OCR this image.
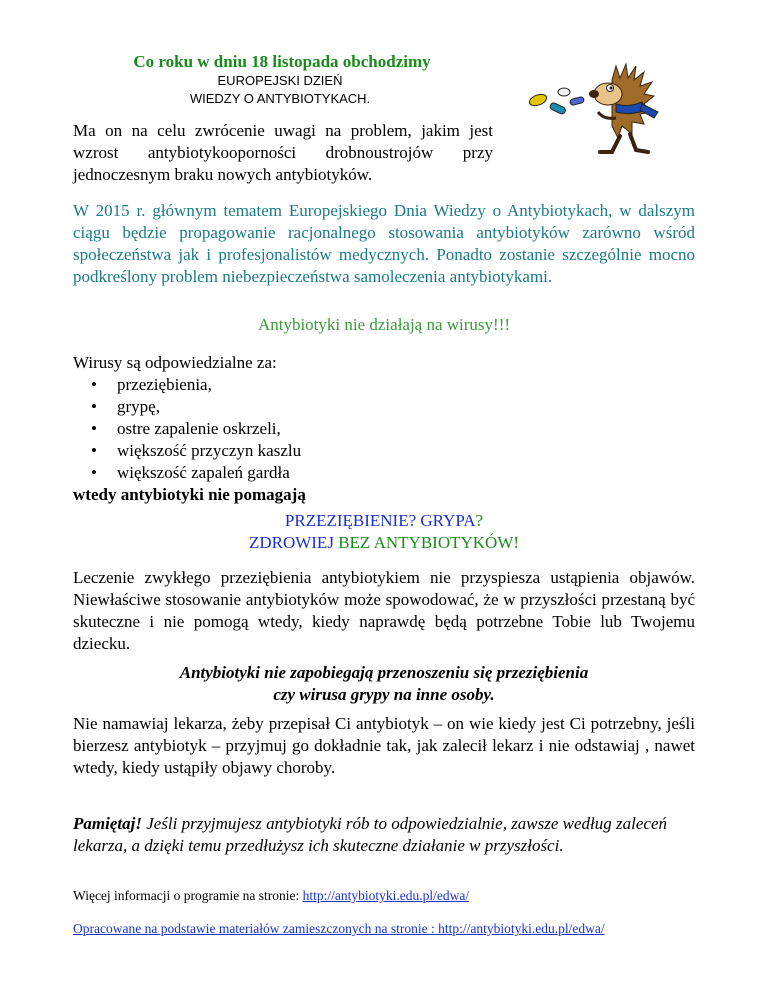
Co roku w dniu 18 listopada obchodzimy
EUROPEJSKI DZIEŃ
WIEDZY O ANTYBIOTYKACH.
Ma on na celu zwrócenie uwagi na problem, jakim jest wzrost antybiotykooporności drobnoustrojów przy jednoczesnym braku nowych antybiotyków.
W 2015 r. głównym tematem Europejskiego Dnia Wiedzy o Antybiotykach, w dalszym ciągu będzie propagowanie racjonalnego stosowania antybiotyków zarówno wśród społeczeństwa jak i profesjonalistów medycznych. Ponadto zostanie szczególnie mocno podkreślony problem niebezpieczeństwa samoleczenia antybiotykami.
Antybiotyki nie działają na wirusy!!!
Wirusy są odpowiedzialne za:
• przeziębienia,
• grypę,
• ostre zapalenie oskrzeli,
• większość przyczyn kaszlu
• większość zapaleń gardła
wtedy antybiotyki nie pomagają
PRZEZIĘBIENIE? GRYPA?
ZDROWIEJ BEZ ANTYBIOTYKÓW!
Leczenie zwykłego przeziębienia antybiotykiem nie przyspiesza ustąpienia objawów. Niewłaściwe stosowanie antybiotyków może spowodować, że w przyszłości przestaną być skuteczne i nie pomogą wtedy, kiedy naprawdę będą potrzebne Tobie lub Twojemu dziecku.
Antybiotyki nie zapobiegają przenoszeniu się przeziębienia
czy wirusa grypy na inne osoby.
Nie namawiaj lekarza, żeby przepisał Ci antybiotyk – on wie kiedy jest Ci potrzebny, jeśli bierzesz antybiotyk – przyjmuj go dokładnie tak, jak zalecił lekarz i nie odstawiaj , nawet wtedy, kiedy ustąpiły objawy choroby.
Pamiętaj! Jeśli przyjmujesz antybiotyki rób to odpowiedzialnie, zawsze według zaleceń lekarza, a dzięki temu przedłużysz ich skuteczne działanie w przyszłości.
Więcej informacji o programie na stronie: http://antybiotyki.edu.pl/edwa/
Opracowane na podstawie materiałów zamieszczonych na stronie : http://antybiotyki.edu.pl/edwa/
